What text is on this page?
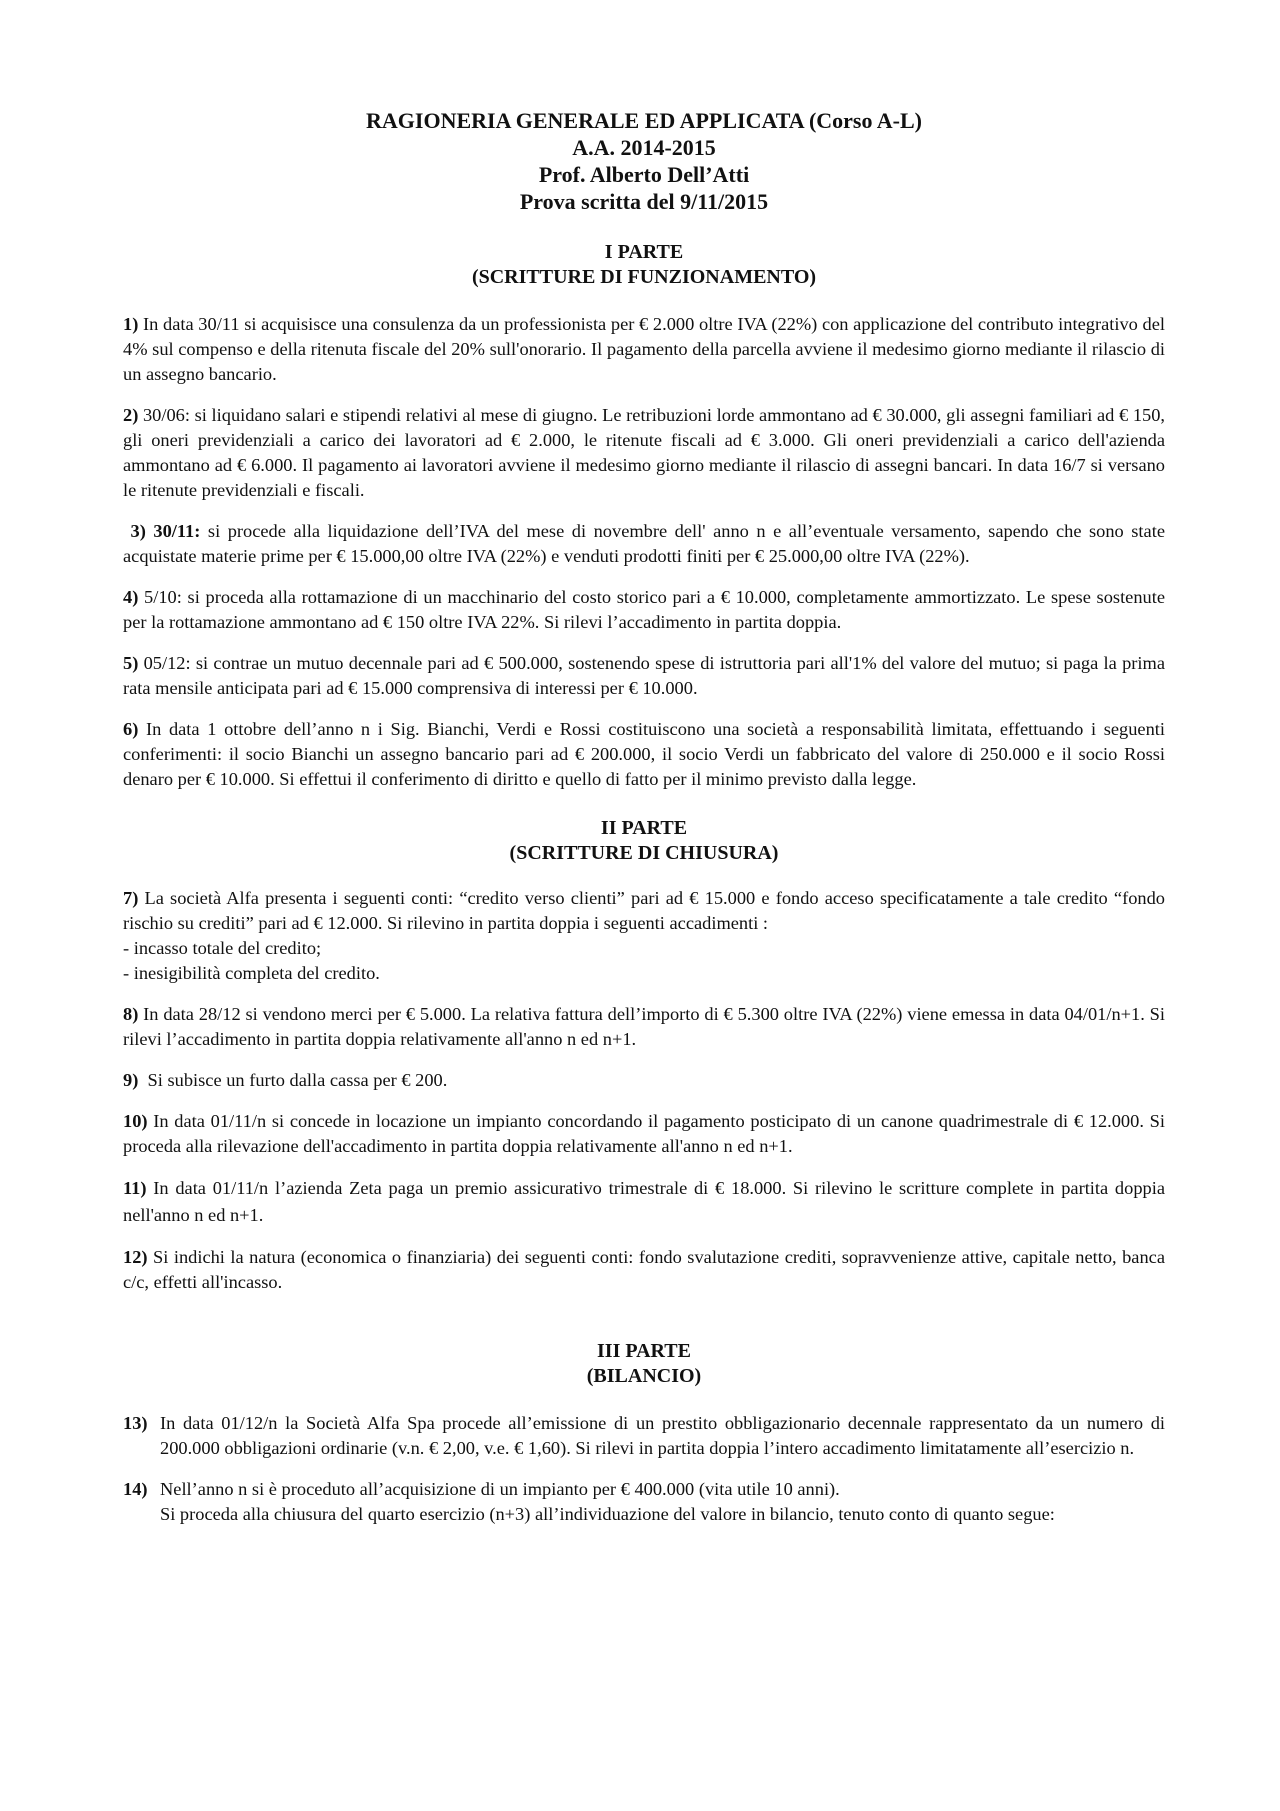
RAGIONERIA GENERALE ED APPLICATA (Corso A-L)
A.A. 2014-2015
Prof. Alberto Dell’Atti
Prova scritta del 9/11/2015
I PARTE
(SCRITTURE DI FUNZIONAMENTO)

1) In data 30/11 si acquisisce una consulenza da un professionista per € 2.000 oltre IVA (22%) con applicazione del contributo integrativo del 4% sul compenso e della ritenuta fiscale del 20% sull'onorario. Il pagamento della parcella avviene il medesimo giorno mediante il rilascio di un assegno bancario.

2) 30/06: si liquidano salari e stipendi relativi al mese di giugno. Le retribuzioni lorde ammontano ad € 30.000, gli assegni familiari ad € 150, gli oneri previdenziali a carico dei lavoratori ad € 2.000, le ritenute fiscali ad € 3.000. Gli oneri previdenziali a carico dell'azienda ammontano ad € 6.000. Il pagamento ai lavoratori avviene il medesimo giorno mediante il rilascio di assegni bancari. In data 16/7 si versano le ritenute previdenziali e fiscali.

3) 30/11: si procede alla liquidazione dell’IVA del mese di novembre dell' anno n e all’eventuale versamento, sapendo che sono state acquistate materie prime per € 15.000,00 oltre IVA (22%) e venduti prodotti finiti per € 25.000,00 oltre IVA (22%).

4) 5/10: si proceda alla rottamazione di un macchinario del costo storico pari a € 10.000, completamente ammortizzato. Le spese sostenute per la rottamazione ammontano ad € 150 oltre IVA 22%. Si rilevi l’accadimento in partita doppia.

5) 05/12: si contrae un mutuo decennale pari ad € 500.000, sostenendo spese di istruttoria pari all'1% del valore del mutuo; si paga la prima rata mensile anticipata pari ad € 15.000 comprensiva di interessi per € 10.000.

6) In data 1 ottobre dell’anno n i Sig. Bianchi, Verdi e Rossi costituiscono una società a responsabilità limitata, effettuando i seguenti conferimenti: il socio Bianchi un assegno bancario pari ad € 200.000, il socio Verdi un fabbricato del valore di 250.000 e il socio Rossi denaro per € 10.000. Si effettui il conferimento di diritto e quello di fatto per il minimo previsto dalla legge.

II PARTE
(SCRITTURE DI CHIUSURA)

7) La società Alfa presenta i seguenti conti: “credito verso clienti” pari ad € 15.000 e fondo acceso specificatamente a tale credito “fondo rischio su crediti” pari ad € 12.000. Si rilevino in partita doppia i seguenti accadimenti :

- incasso totale del credito;

- inesigibilità completa del credito.

8) In data 28/12 si vendono merci per € 5.000. La relativa fattura dell’importo di € 5.300 oltre IVA (22%) viene emessa in data 04/01/n+1. Si rilevi l’accadimento in partita doppia relativamente all'anno n ed n+1.

9) Si subisce un furto dalla cassa per € 200.

10) In data 01/11/n si concede in locazione un impianto concordando il pagamento posticipato di un canone quadrimestrale di € 12.000. Si proceda alla rilevazione dell'accadimento in partita doppia relativamente all'anno n ed n+1.

11) In data 01/11/n l’azienda Zeta paga un premio assicurativo trimestrale di € 18.000. Si rilevino le scritture complete in partita doppia nell'anno n ed n+1.

12) Si indichi la natura (economica o finanziaria) dei seguenti conti: fondo svalutazione crediti, sopravvenienze attive, capitale netto, banca c/c, effetti all'incasso.

III PARTE
(BILANCIO)

13) In data 01/12/n la Società Alfa Spa procede all’emissione di un prestito obbligazionario decennale rappresentato da un numero di 200.000 obbligazioni ordinarie (v.n. € 2,00, v.e. € 1,60). Si rilevi in partita doppia l’intero accadimento limitatamente all’esercizio n.

14) Nell’anno n si è proceduto all’acquisizione di un impianto per € 400.000 (vita utile 10 anni).

Si proceda alla chiusura del quarto esercizio (n+3) all’individuazione del valore in bilancio, tenuto conto di quanto segue:
